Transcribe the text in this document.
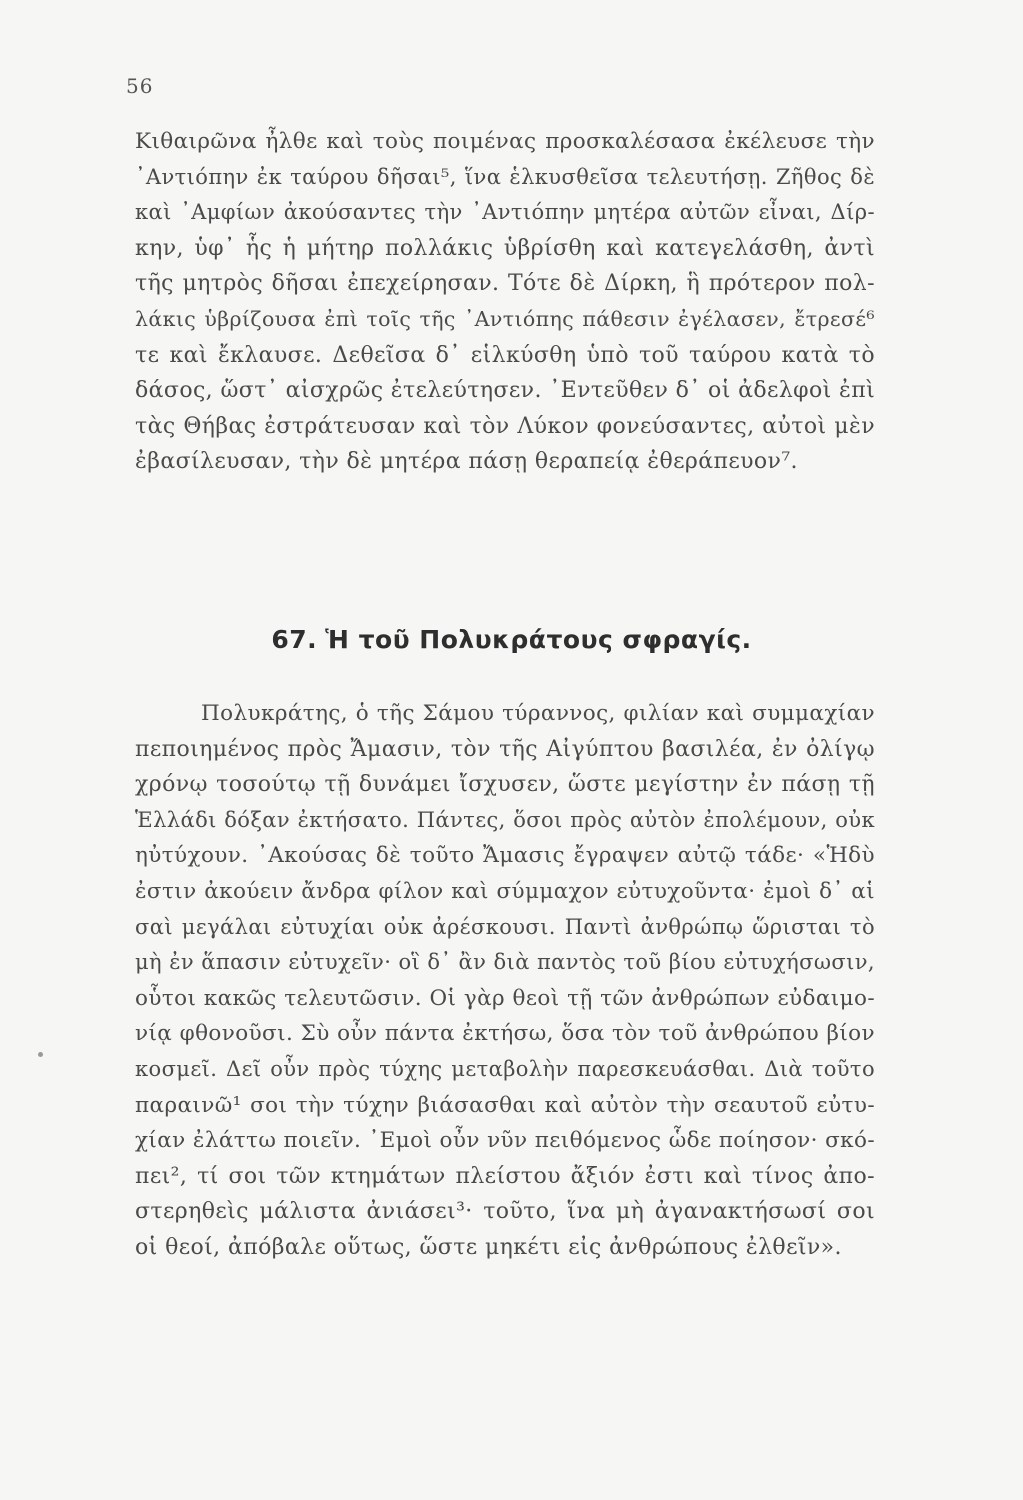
56
Κιθαιρῶνα ἦλθε καὶ τοὺς ποιμένας προσκαλέσασα ἐκέλευσε τὴν
᾿Αντιόπην ἐκ ταύρου δῆσαι⁵, ἵνα ἑλκυσθεῖσα τελευτήσῃ. Ζῆθος δὲ
καὶ ᾿Αμφίων ἀκούσαντες τὴν ᾿Αντιόπην μητέρα αὐτῶν εἶναι, Δίρ-
κην, ὑφ᾿ ἧς ἡ μήτηρ πολλάκις ὑβρίσθη καὶ κατεγελάσθη, ἀντὶ
τῆς μητρὸς δῆσαι ἐπεχείρησαν. Τότε δὲ Δίρκη, ἣ πρότερον πολ-
λάκις ὑβρίζουσα ἐπὶ τοῖς τῆς ᾿Αντιόπης πάθεσιν ἐγέλασεν, ἔτρεσέ⁶
τε καὶ ἔκλαυσε. Δεθεῖσα δ᾿ εἱλκύσθη ὑπὸ τοῦ ταύρου κατὰ τὸ
δάσος, ὥστ᾿ αἰσχρῶς ἐτελεύτησεν. ᾿Εντεῦθεν δ᾿ οἱ ἀδελφοὶ ἐπὶ
τὰς Θήβας ἐστράτευσαν καὶ τὸν Λύκον φονεύσαντες, αὐτοὶ μὲν
ἐβασίλευσαν, τὴν δὲ μητέρα πάσῃ θεραπείᾳ ἐθεράπευον⁷.
67. Ἡ τοῦ Πολυκράτους σφραγίς.
Πολυκράτης, ὁ τῆς Σάμου τύραννος, φιλίαν καὶ συμμαχίαν
πεποιημένος πρὸς Ἄμασιν, τὸν τῆς Αἰγύπτου βασιλέα, ἐν ὀλίγῳ
χρόνῳ τοσούτῳ τῇ δυνάμει ἴσχυσεν, ὥστε μεγίστην ἐν πάσῃ τῇ
Ἑλλάδι δόξαν ἐκτήσατο. Πάντες, ὅσοι πρὸς αὐτὸν ἐπολέμουν, οὐκ
ηὐτύχουν. ᾿Ακούσας δὲ τοῦτο Ἄμασις ἔγραψεν αὐτῷ τάδε· «Ἡδὺ
ἐστιν ἀκούειν ἄνδρα φίλον καὶ σύμμαχον εὐτυχοῦντα· ἐμοὶ δ᾿ αἱ
σαὶ μεγάλαι εὐτυχίαι οὐκ ἀρέσκουσι. Παντὶ ἀνθρώπῳ ὥρισται τὸ
μὴ ἐν ἅπασιν εὐτυχεῖν· οἳ δ᾿ ἂν διὰ παντὸς τοῦ βίου εὐτυχήσωσιν,
οὗτοι κακῶς τελευτῶσιν. Οἱ γὰρ θεοὶ τῇ τῶν ἀνθρώπων εὐδαιμο-
νίᾳ φθονοῦσι. Σὺ οὖν πάντα ἐκτήσω, ὅσα τὸν τοῦ ἀνθρώπου βίον
κοσμεῖ. Δεῖ οὖν πρὸς τύχης μεταβολὴν παρεσκευάσθαι. Διὰ τοῦτο
παραινῶ¹ σοι τὴν τύχην βιάσασθαι καὶ αὐτὸν τὴν σεαυτοῦ εὐτυ-
χίαν ἐλάττω ποιεῖν. ᾿Εμοὶ οὖν νῦν πειθόμενος ὧδε ποίησον· σκό-
πει², τί σοι τῶν κτημάτων πλείστου ἄξιόν ἐστι καὶ τίνος ἀπο-
στερηθεὶς μάλιστα ἀνιάσει³· τοῦτο, ἵνα μὴ ἀγανακτήσωσί σοι
οἱ θεοί, ἀπόβαλε οὕτως, ὥστε μηκέτι εἰς ἀνθρώπους ἐλθεῖν».
